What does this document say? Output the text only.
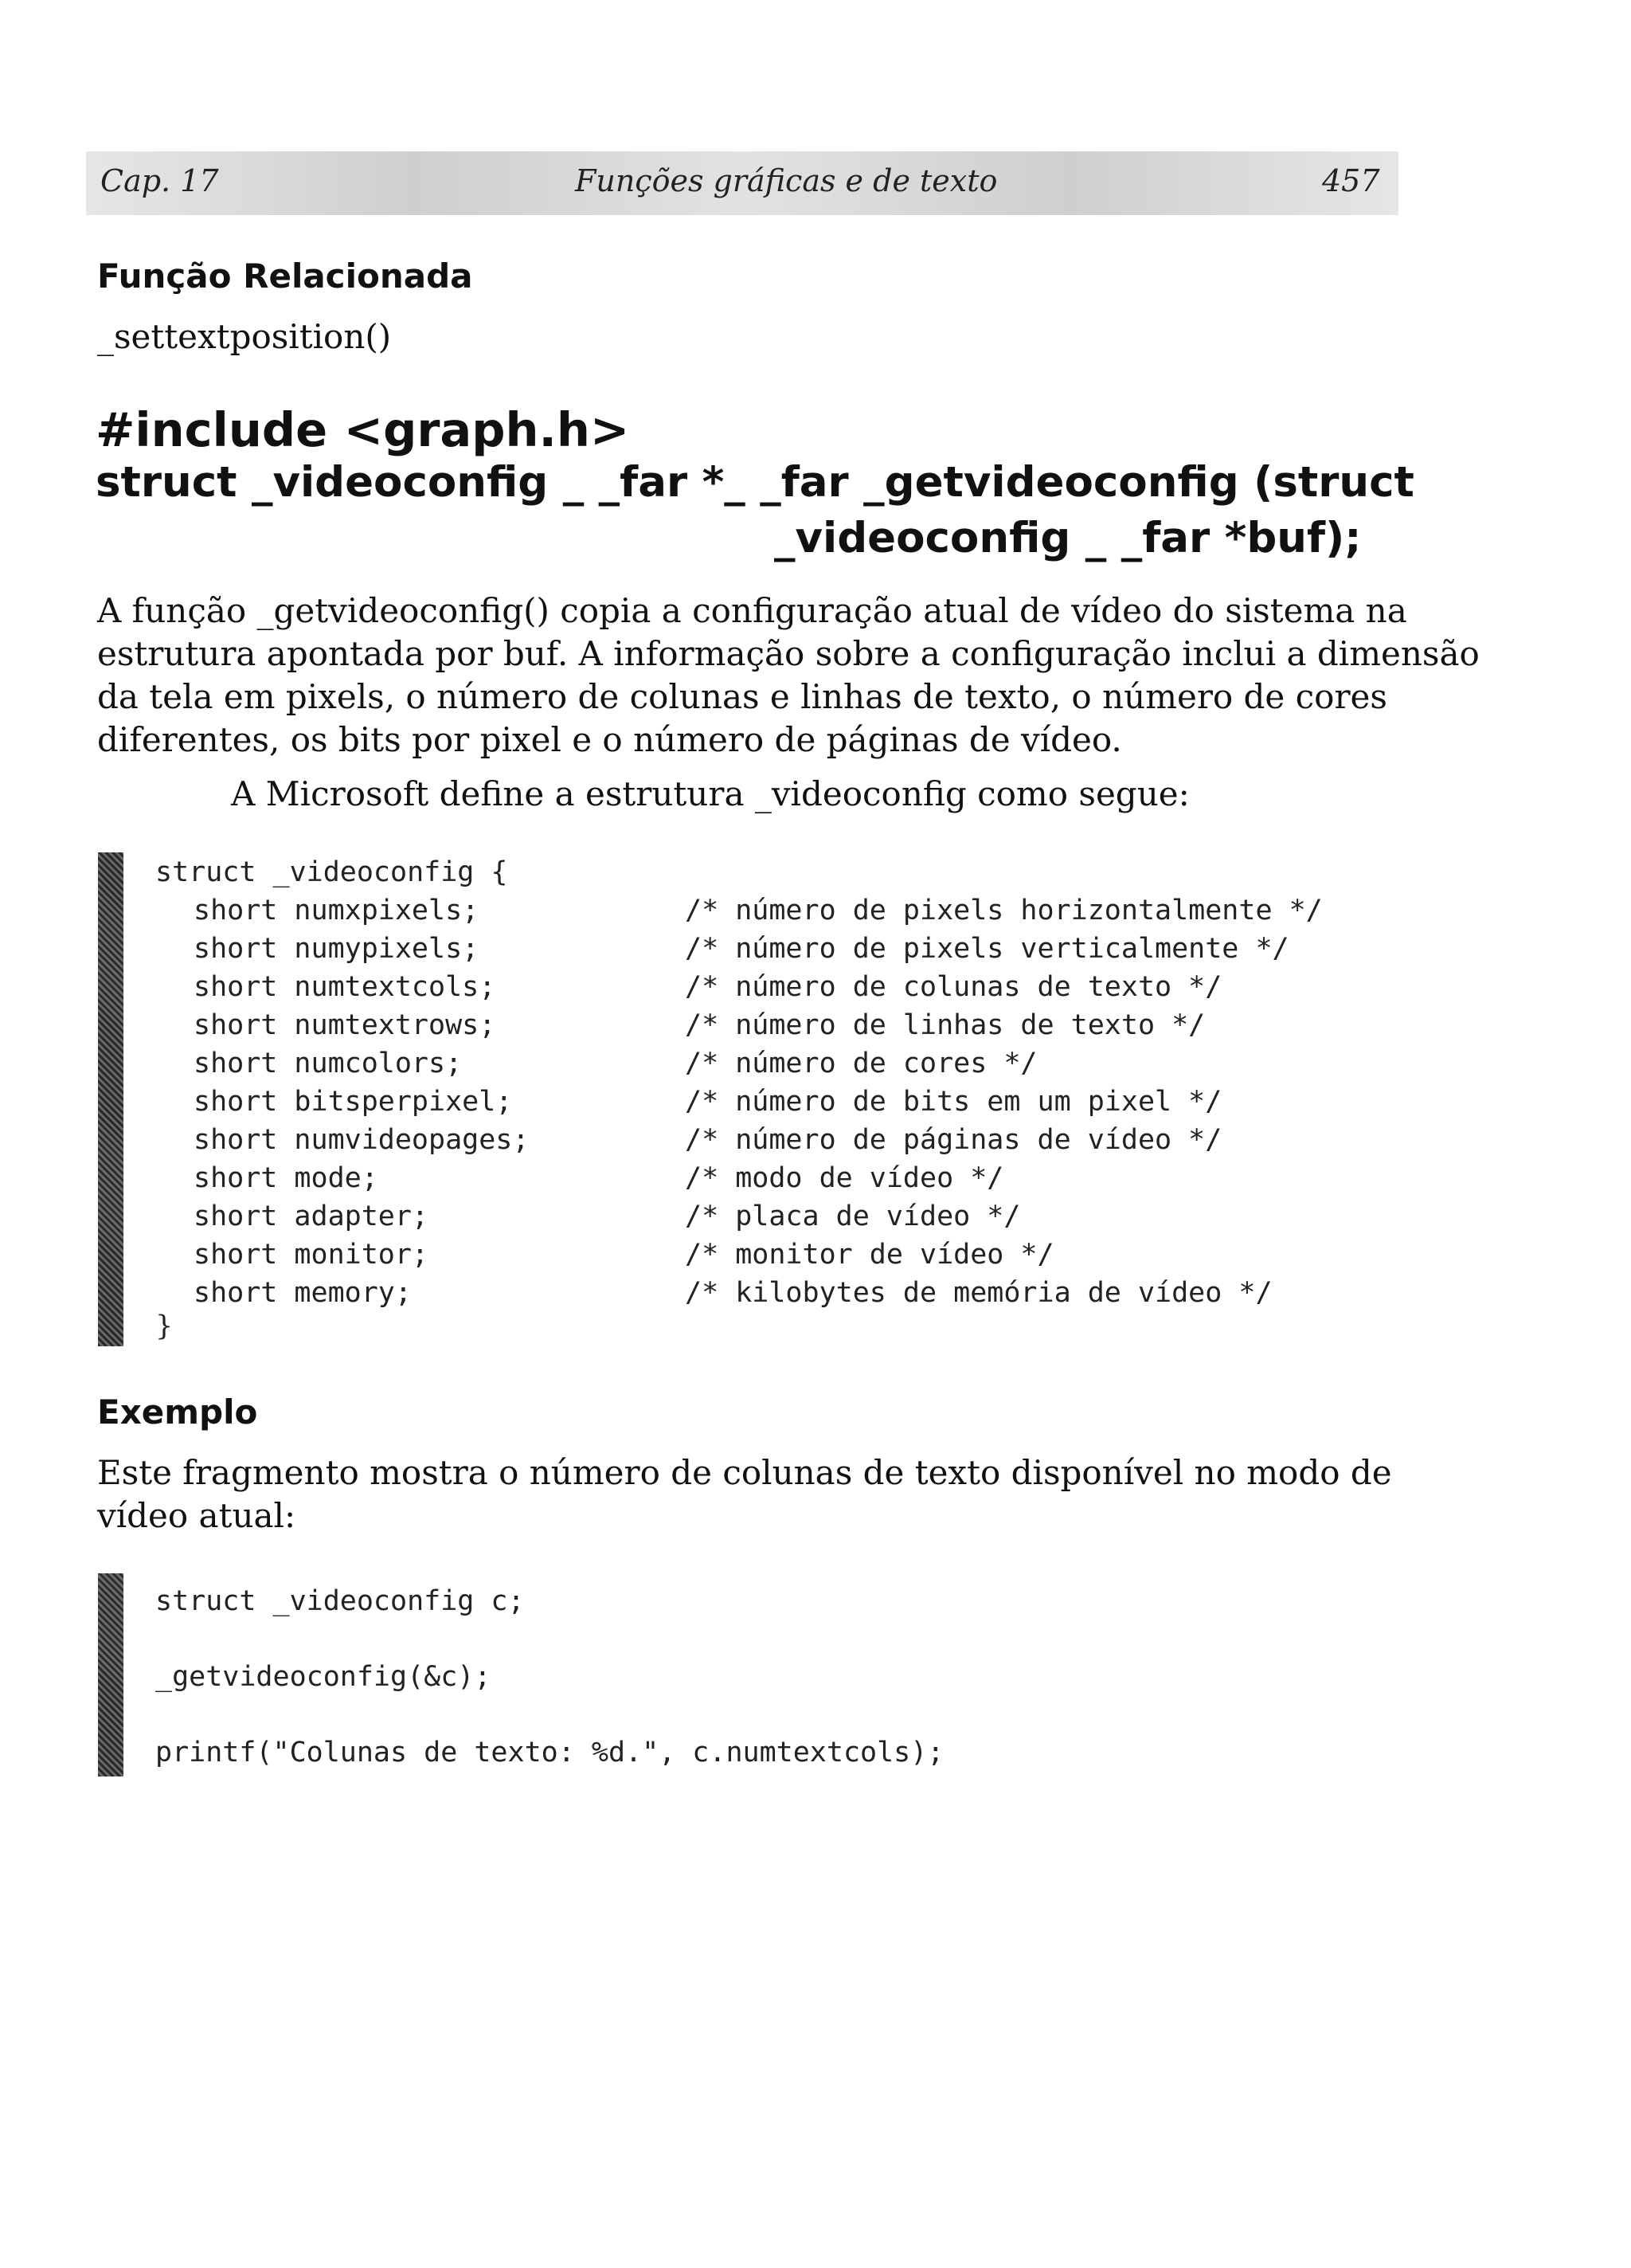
Cap. 17	Funções gráficas e de texto	457
Função Relacionada
_settextposition()
#include <graph.h>
struct _videoconfig _ _far *_ _far _getvideoconfig (struct
_videoconfig _ _far *buf);
A função _getvideoconfig() copia a configuração atual de vídeo do sistema na
estrutura apontada por buf. A informação sobre a configuração inclui a dimensão
da tela em pixels, o número de colunas e linhas de texto, o número de cores
diferentes, os bits por pixel e o número de páginas de vídeo.
A Microsoft define a estrutura _videoconfig como segue:
struct _videoconfig {
short numxpixels;	/* número de pixels horizontalmente */
short numypixels;	/* número de pixels verticalmente */
short numtextcols;	/* número de colunas de texto */
short numtextrows;	/* número de linhas de texto */
short numcolors;	/* número de cores */
short bitsperpixel;	/* número de bits em um pixel */
short numvideopages;	/* número de páginas de vídeo */
short mode;	/* modo de vídeo */
short adapter;	/* placa de vídeo */
short monitor;	/* monitor de vídeo */
short memory;	/* kilobytes de memória de vídeo */
}
Exemplo
Este fragmento mostra o número de colunas de texto disponível no modo de
vídeo atual:
struct _videoconfig c;
_getvideoconfig(&c);
printf("Colunas de texto: %d.", c.numtextcols);
